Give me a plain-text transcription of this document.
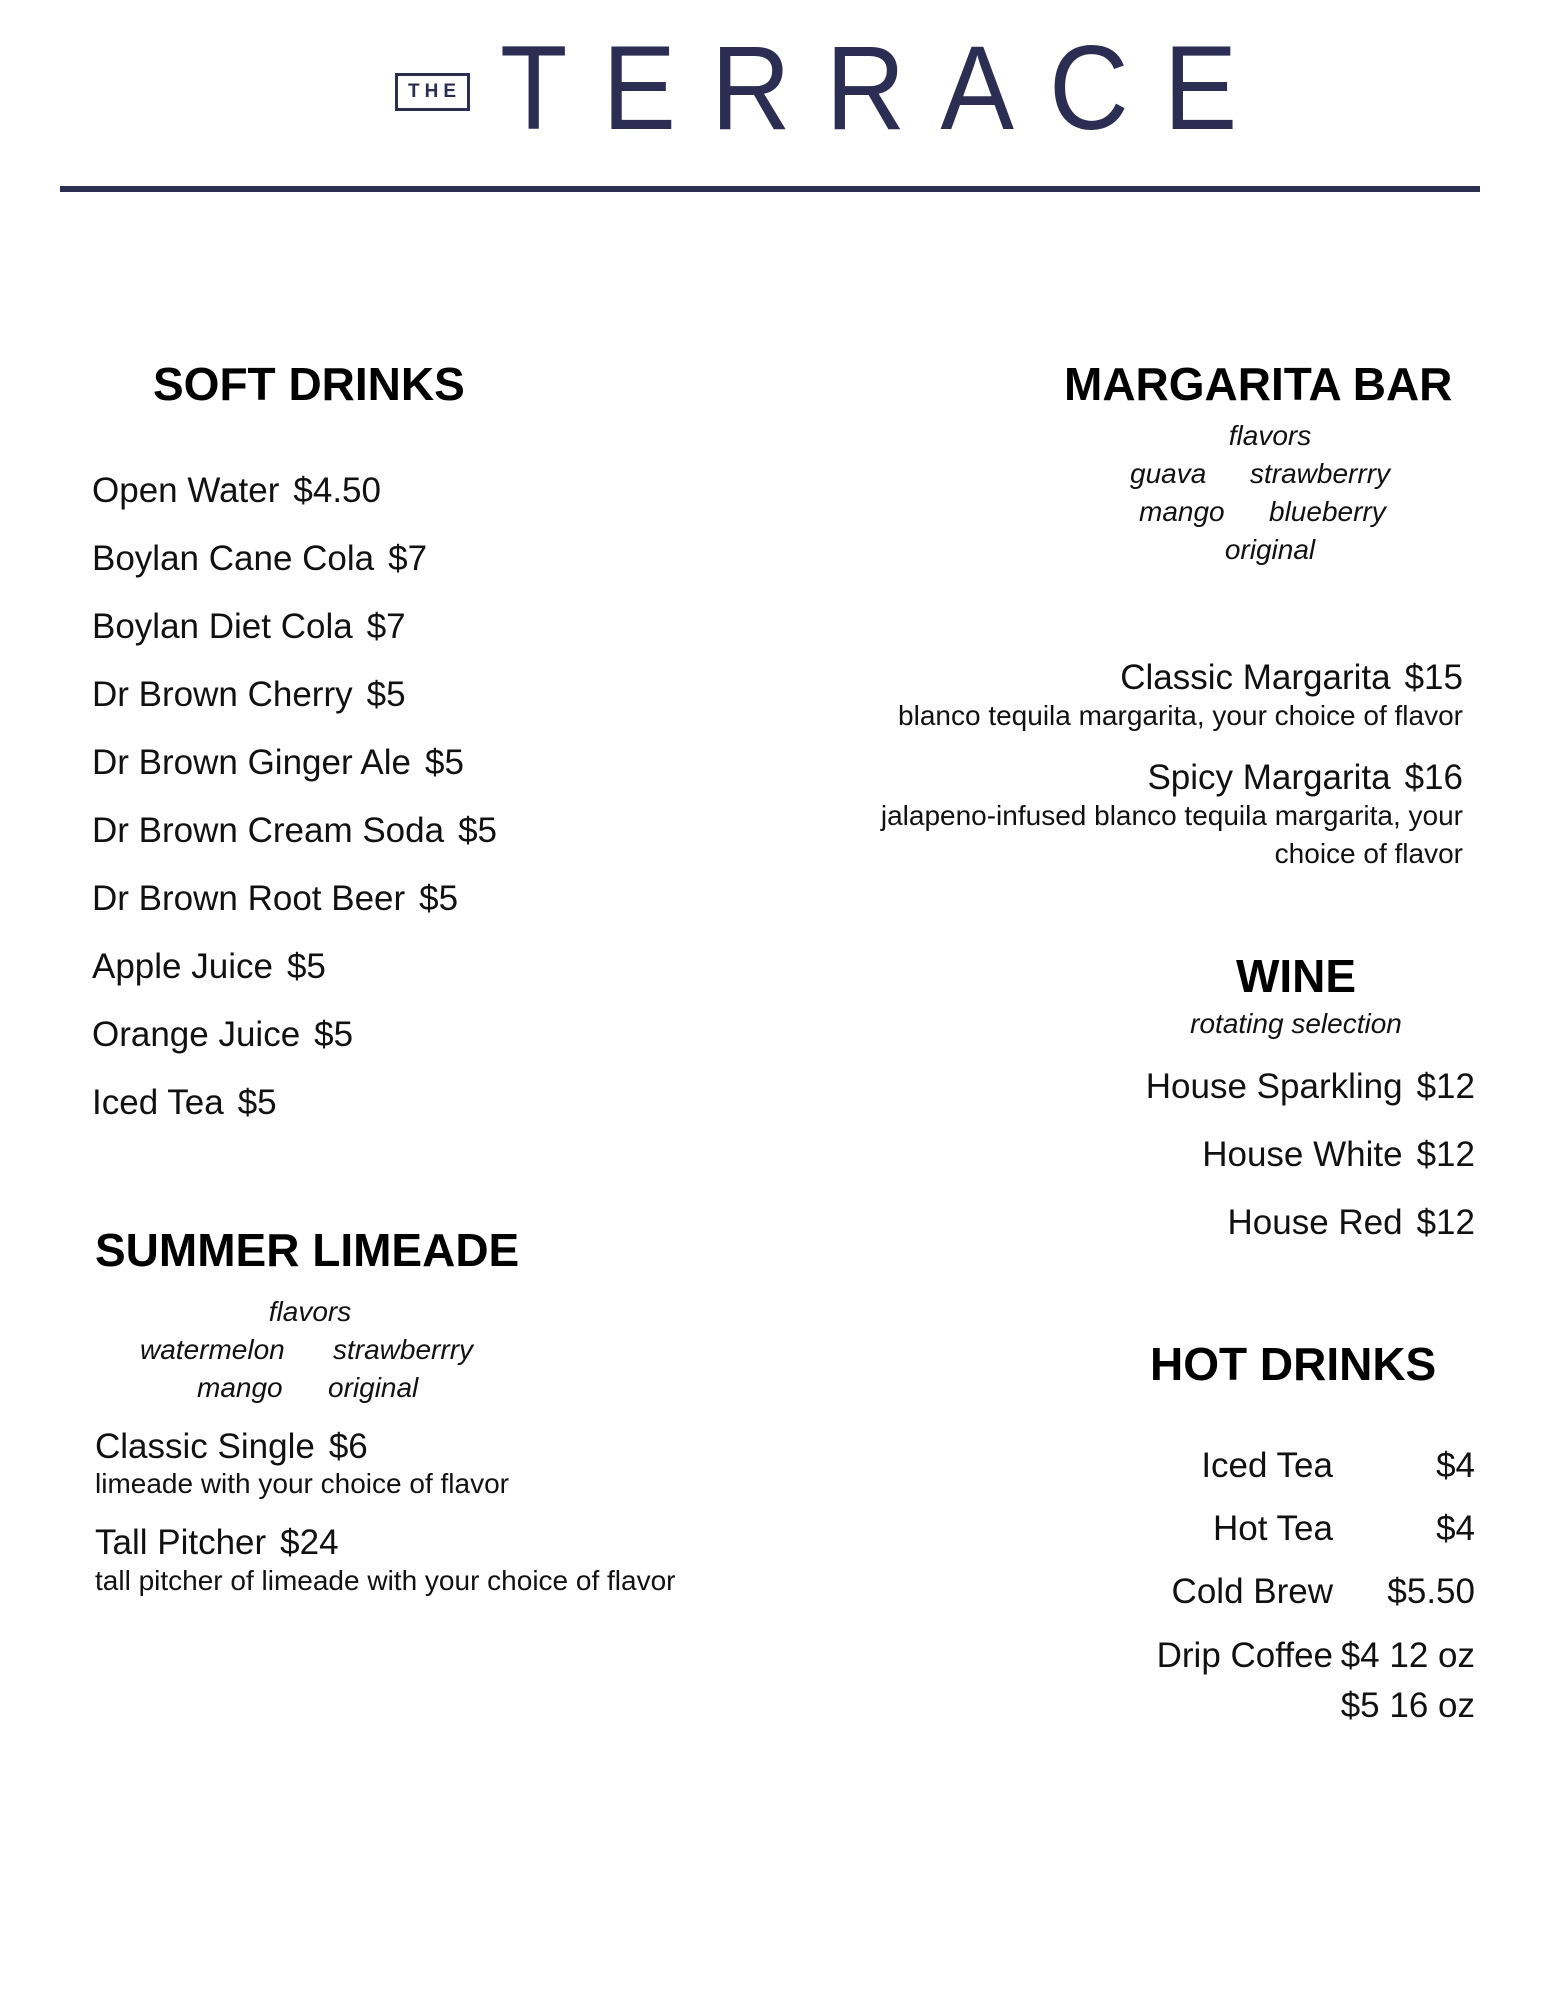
THE TERRACE
SOFT DRINKS
Open Water $4.50
Boylan Cane Cola $7
Boylan Diet Cola $7
Dr Brown Cherry $5
Dr Brown Ginger Ale $5
Dr Brown Cream Soda $5
Dr Brown Root Beer $5
Apple Juice $5
Orange Juice $5
Iced Tea $5
SUMMER LIMEADE
flavors
watermelon strawberrry
mango original
Classic Single $6
limeade with your choice of flavor
Tall Pitcher $24
tall pitcher of limeade with your choice of flavor
MARGARITA BAR
flavors
guava strawberrry
mango blueberry
original
Classic Margarita $15
blanco tequila margarita, your choice of flavor
Spicy Margarita $16
jalapeno-infused blanco tequila margarita, your
choice of flavor
WINE
rotating selection
House Sparkling $12
House White $12
House Red $12
HOT DRINKS
Iced Tea	$4
Hot Tea	$4
Cold Brew $5.50
Drip Coffee $4 12 oz
$5 16 oz
